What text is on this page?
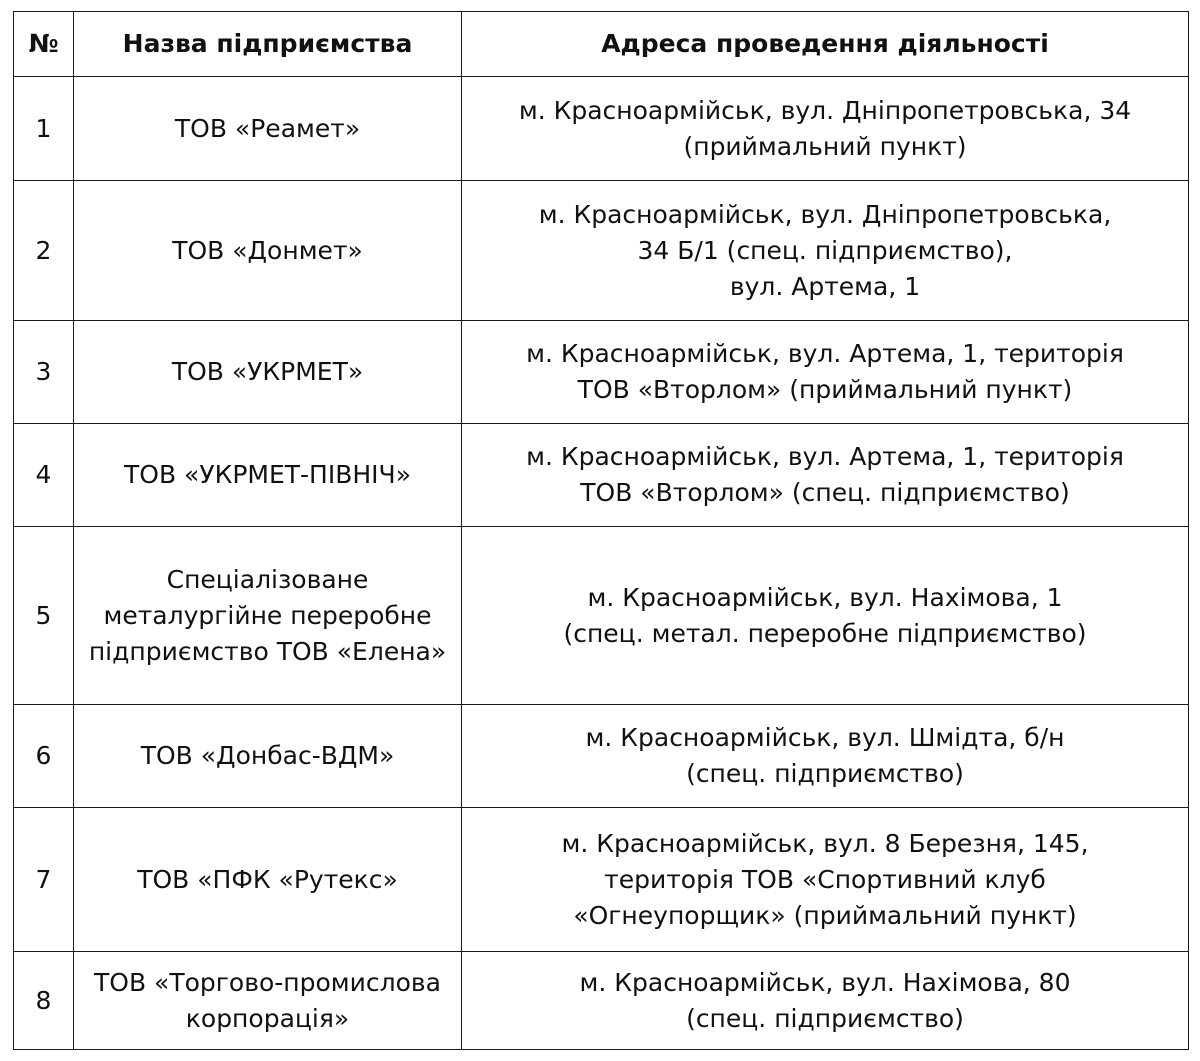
№	Назва підприємства	Адреса проведення діяльності
1	ТОВ «Реамет»	м. Красноармійськ, вул. Дніпропетровська, 34
(приймальний пункт)

2	ТОВ «Донмет»	м. Красноармійськ, вул. Дніпропетровська,
34 Б/1 (спец. підприємство),
вул. Артема, 1

3	ТОВ «УКРМЕТ»	м. Красноармійськ, вул. Артема, 1, територія
ТОВ «Вторлом» (приймальний пункт)

4	ТОВ «УКРМЕТ-ПІВНІЧ»	м. Красноармійськ, вул. Артема, 1, територія
ТОВ «Вторлом» (спец. підприємство)

5	Спеціалізоване металургійне переробне підприємство ТОВ «Елена»	м. Красноармійськ, вул. Нахімова, 1
(спец. метал. переробне підприємство)

6	ТОВ «Донбас-ВДМ»	м. Красноармійськ, вул. Шмідта, б/н
(спец. підприємство)

7	ТОВ «ПФК «Рутекс»	м. Красноармійськ, вул. 8 Березня, 145,
територія ТОВ «Спортивний клуб
«Огнеупорщик» (приймальний пункт)

8	ТОВ «Торгово-промислова корпорація»	м. Красноармійськ, вул. Нахімова, 80
(спец. підприємство)
